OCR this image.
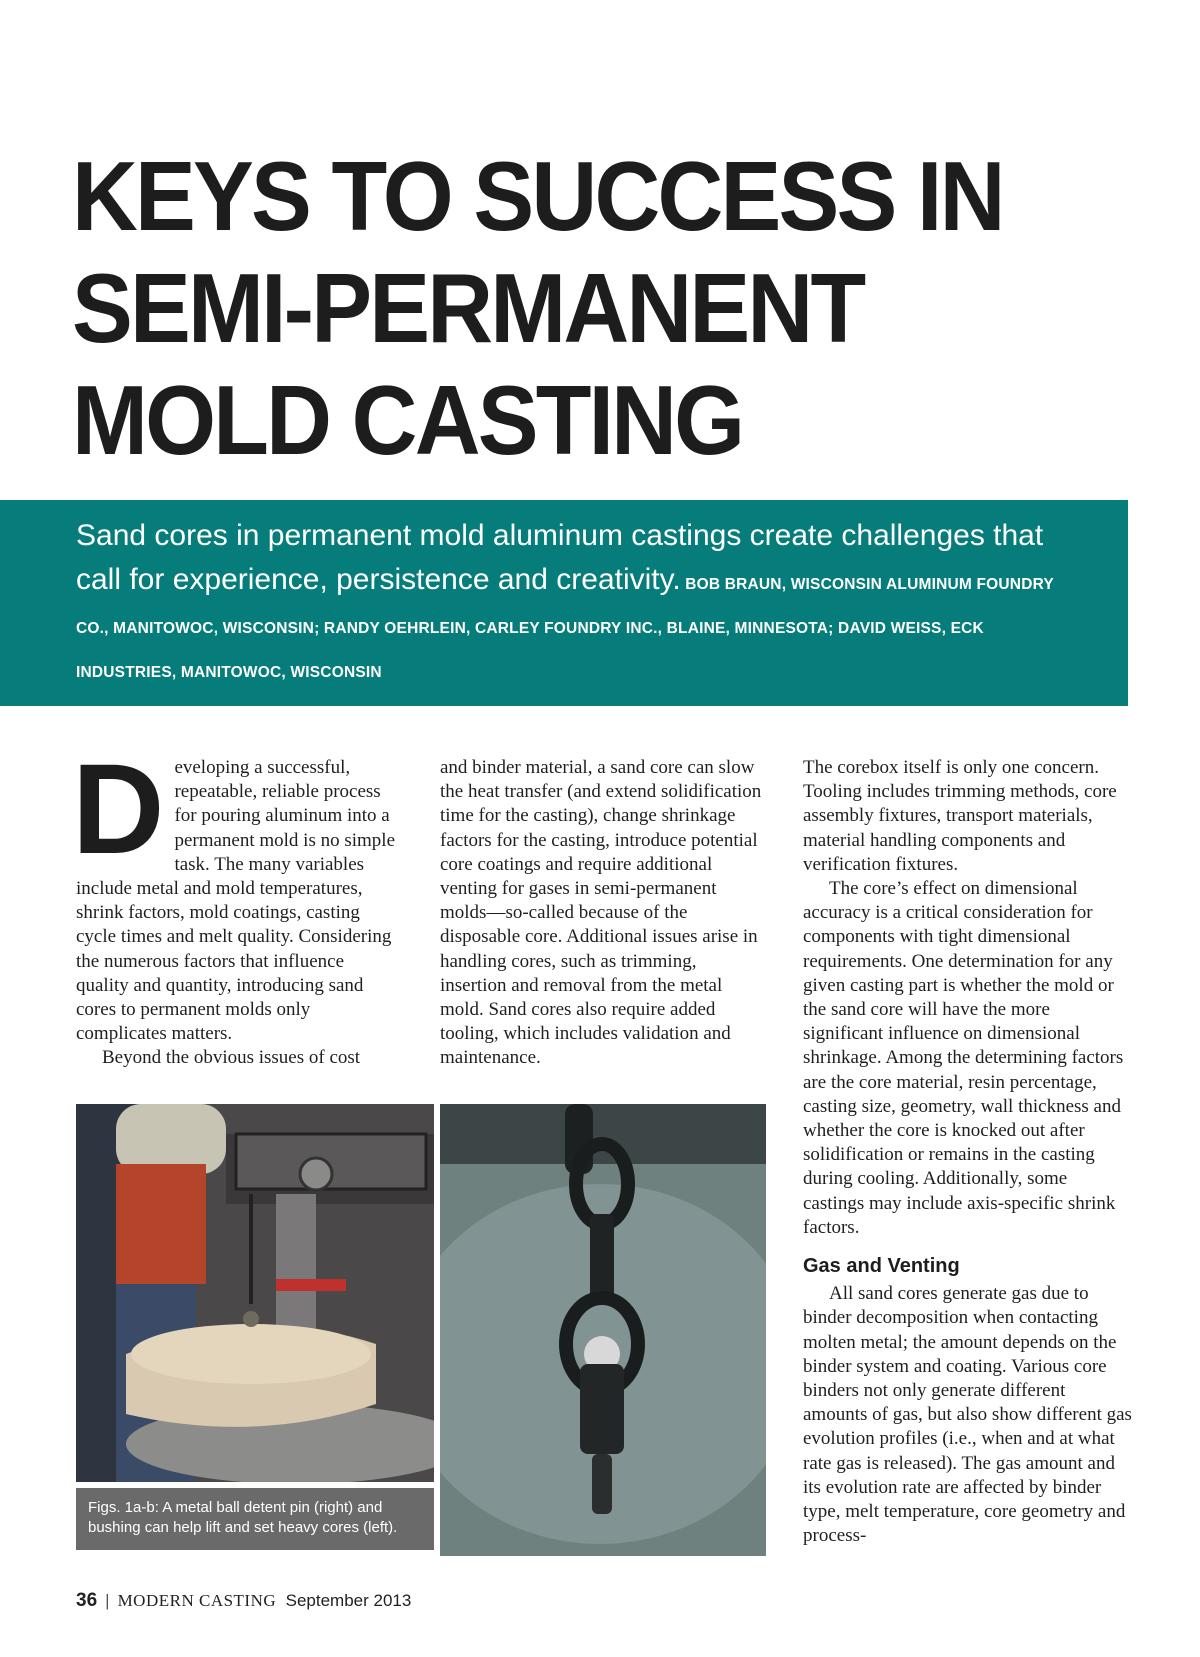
KEYS TO SUCCESS IN
SEMI-PERMANENT
MOLD CASTING
Sand cores in permanent mold aluminum castings create challenges that call for experience, persistence and creativity. BOB BRAUN, WISCONSIN ALUMINUM FOUNDRY CO., MANITOWOC, WISCONSIN; RANDY OEHRLEIN, CARLEY FOUNDRY INC., BLAINE, MINNESOTA; DAVID WEISS, ECK INDUSTRIES, MANITOWOC, WISCONSIN

D eveloping a successful, repeatable, reliable process for pouring aluminum into a permanent mold is no simple task. The many variables include metal and mold temperatures, shrink factors, mold coatings, casting cycle times and melt quality. Considering the numerous factors that influence quality and quantity, introducing sand cores to permanent molds only complicates matters.

Beyond the obvious issues of cost

and binder material, a sand core can slow the heat transfer (and extend solidification time for the casting), change shrinkage factors for the casting, introduce potential core coatings and require additional venting for gases in semi-permanent molds—so-called because of the disposable core. Additional issues arise in handling cores, such as trimming, insertion and removal from the metal mold. Sand cores also require added tooling, which includes validation and maintenance.

The corebox itself is only one concern. Tooling includes trimming methods, core assembly fixtures, transport materials, material handling components and verification fixtures.

The core’s effect on dimensional accuracy is a critical consideration for components with tight dimensional requirements. One determination for any given casting part is whether the mold or the sand core will have the more significant influence on dimensional shrinkage. Among the determining factors are the core material, resin percentage, casting size, geometry, wall thickness and whether the core is knocked out after solidification or remains in the casting during cooling. Additionally, some castings may include axis-specific shrink factors.

Gas and Venting

All sand cores generate gas due to binder decomposition when contacting molten metal; the amount depends on the binder system and coating. Various core binders not only generate different amounts of gas, but also show different gas evolution profiles (i.e., when and at what rate gas is released). The gas amount and its evolution rate are affected by binder type, melt temperature, core geometry and process-

Figs. 1a-b: A metal ball detent pin (right) and bushing can help lift and set heavy cores (left).
36 | MODERN CASTING September 2013
